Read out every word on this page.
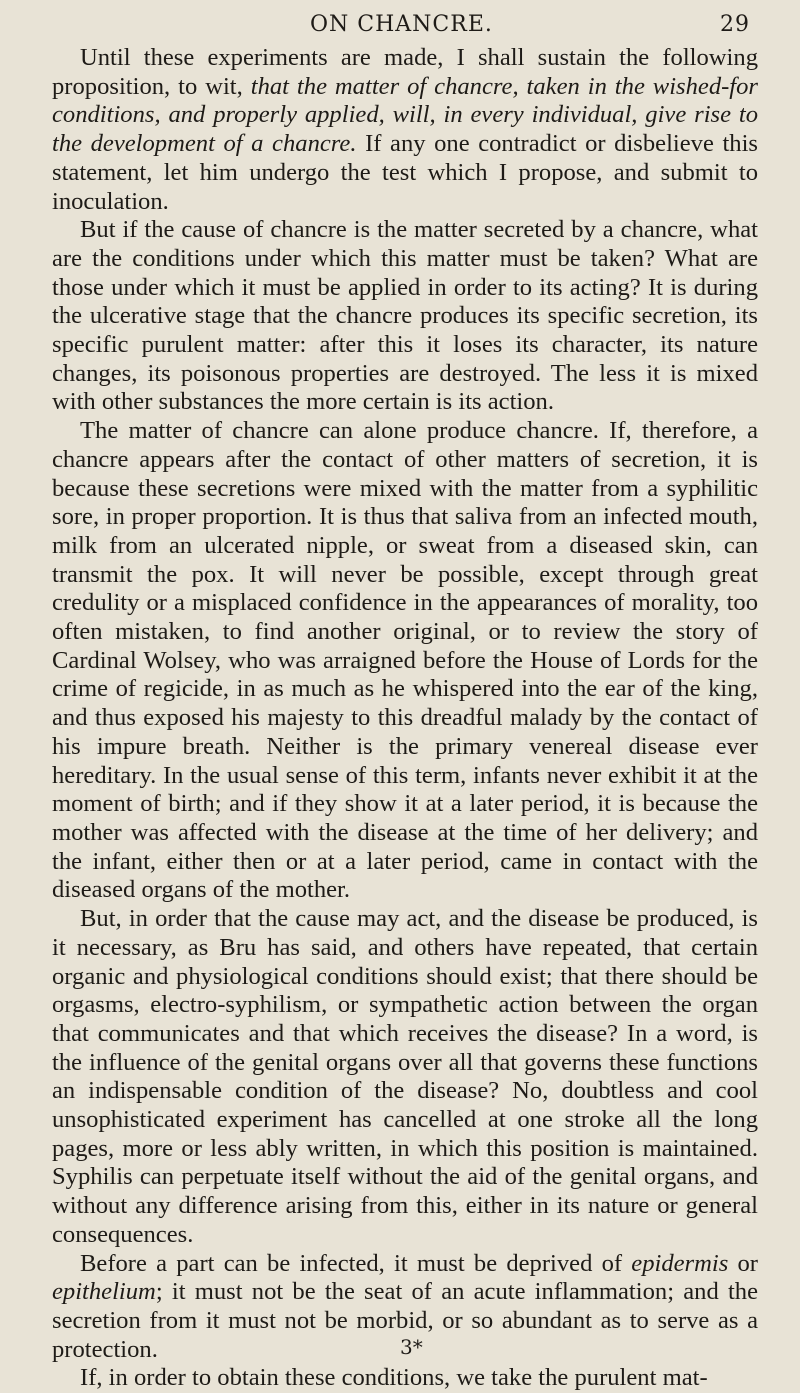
ON CHANCRE.	29

Until these experiments are made, I shall sustain the following proposition, to wit, that the matter of chancre, taken in the wished-for conditions, and properly applied, will, in every individual, give rise to the development of a chancre. If any one contradict or disbelieve this statement, let him undergo the test which I propose, and submit to inoculation.

But if the cause of chancre is the matter secreted by a chancre, what are the conditions under which this matter must be taken? What are those under which it must be applied in order to its acting? It is during the ulcerative stage that the chancre produces its specific secretion, its specific purulent matter: after this it loses its character, its nature changes, its poisonous properties are destroyed. The less it is mixed with other substances the more certain is its action.

The matter of chancre can alone produce chancre. If, therefore, a chancre appears after the contact of other matters of secretion, it is because these secretions were mixed with the matter from a syphilitic sore, in proper proportion. It is thus that saliva from an infected mouth, milk from an ulcerated nipple, or sweat from a diseased skin, can transmit the pox. It will never be possible, except through great credulity or a misplaced confidence in the appearances of morality, too often mistaken, to find another original, or to review the story of Cardinal Wolsey, who was arraigned before the House of Lords for the crime of regicide, in as much as he whispered into the ear of the king, and thus exposed his majesty to this dreadful malady by the contact of his impure breath. Neither is the primary venereal disease ever hereditary. In the usual sense of this term, infants never exhibit it at the moment of birth; and if they show it at a later period, it is because the mother was affected with the disease at the time of her delivery; and the infant, either then or at a later period, came in contact with the diseased organs of the mother.

But, in order that the cause may act, and the disease be produced, is it necessary, as Bru has said, and others have repeated, that certain organic and physiological conditions should exist; that there should be orgasms, electro-syphilism, or sympathetic action between the organ that communicates and that which receives the disease? In a word, is the influence of the genital organs over all that governs these functions an indispensable condition of the disease? No, doubtless and cool unsophisticated experiment has cancelled at one stroke all the long pages, more or less ably written, in which this position is maintained. Syphilis can perpetuate itself without the aid of the genital organs, and without any difference arising from this, either in its nature or general consequences.

Before a part can be infected, it must be deprived of epidermis or epithelium; it must not be the seat of an acute inflammation; and the secretion from it must not be morbid, or so abundant as to serve as a protection.

If, in order to obtain these conditions, we take the purulent mat-

3*
